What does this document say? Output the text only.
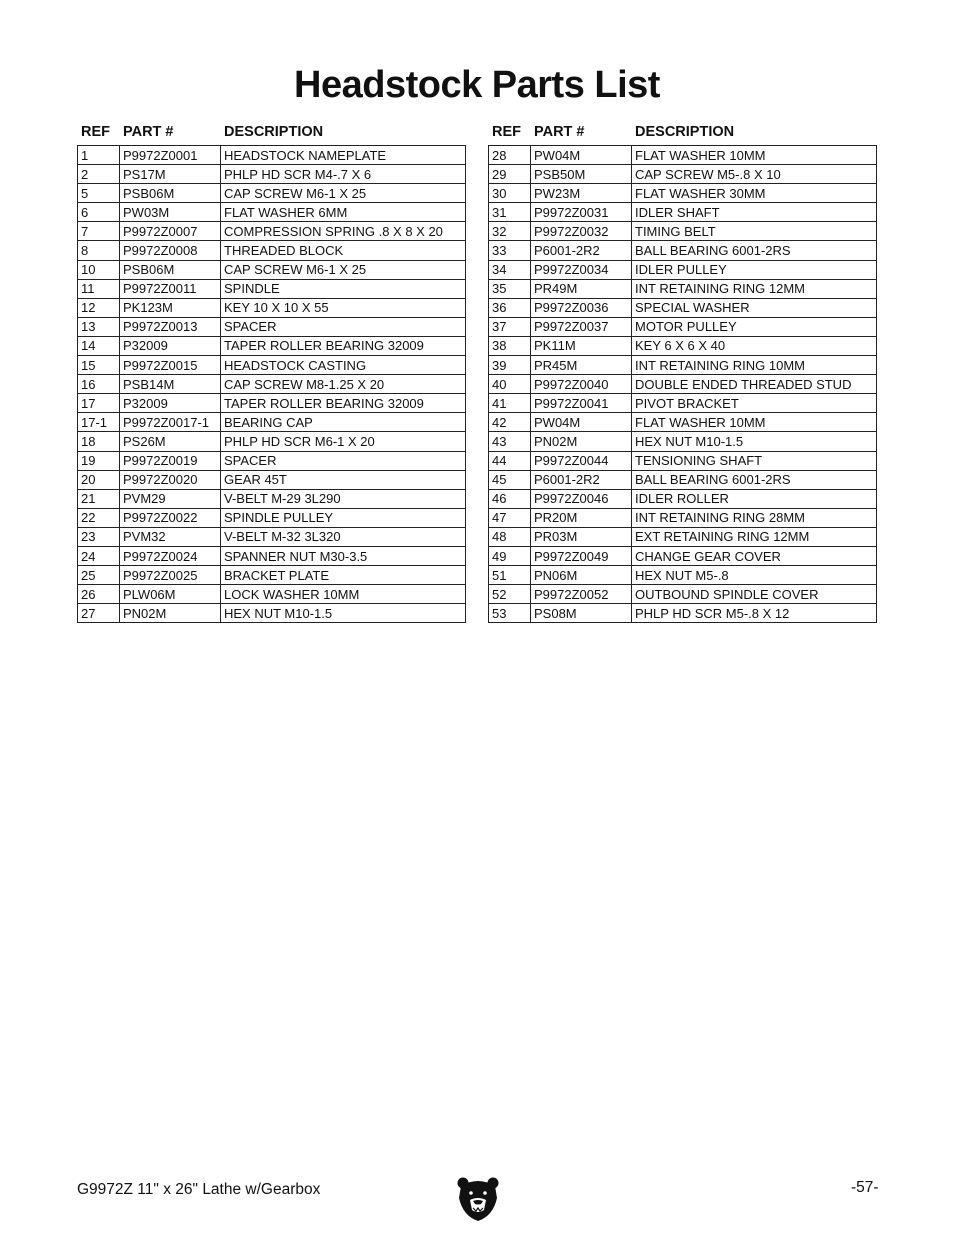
Headstock Parts List
REF PART #	DESCRIPTION
1	P9972Z0001	HEADSTOCK NAMEPLATE
2	PS17M	PHLP HD SCR M4-.7 X 6
5	PSB06M	CAP SCREW M6-1 X 25
6	PW03M	FLAT WASHER 6MM
7	P9972Z0007	COMPRESSION SPRING .8 X 8 X 20
8	P9972Z0008	THREADED BLOCK
10	PSB06M	CAP SCREW M6-1 X 25
11	P9972Z0011	SPINDLE
12	PK123M	KEY 10 X 10 X 55
13	P9972Z0013	SPACER
14	P32009	TAPER ROLLER BEARING 32009
15	P9972Z0015	HEADSTOCK CASTING
16	PSB14M	CAP SCREW M8-1.25 X 20
17	P32009	TAPER ROLLER BEARING 32009
17-1	P9972Z0017-1	BEARING CAP
18	PS26M	PHLP HD SCR M6-1 X 20
19	P9972Z0019	SPACER
20	P9972Z0020	GEAR 45T
21	PVM29	V-BELT M-29 3L290
22	P9972Z0022	SPINDLE PULLEY
23	PVM32	V-BELT M-32 3L320
24	P9972Z0024	SPANNER NUT M30-3.5
25	P9972Z0025	BRACKET PLATE
26	PLW06M	LOCK WASHER 10MM
27	PN02M	HEX NUT M10-1.5
REF PART #	DESCRIPTION
28	PW04M	FLAT WASHER 10MM
29	PSB50M	CAP SCREW M5-.8 X 10
30	PW23M	FLAT WASHER 30MM
31	P9972Z0031	IDLER SHAFT
32	P9972Z0032	TIMING BELT
33	P6001-2R2	BALL BEARING 6001-2RS
34	P9972Z0034	IDLER PULLEY
35	PR49M	INT RETAINING RING 12MM
36	P9972Z0036	SPECIAL WASHER
37	P9972Z0037	MOTOR PULLEY
38	PK11M	KEY 6 X 6 X 40
39	PR45M	INT RETAINING RING 10MM
40	P9972Z0040	DOUBLE ENDED THREADED STUD
41	P9972Z0041	PIVOT BRACKET
42	PW04M	FLAT WASHER 10MM
43	PN02M	HEX NUT M10-1.5
44	P9972Z0044	TENSIONING SHAFT
45	P6001-2R2	BALL BEARING 6001-2RS
46	P9972Z0046	IDLER ROLLER
47	PR20M	INT RETAINING RING 28MM
48	PR03M	EXT RETAINING RING 12MM
49	P9972Z0049	CHANGE GEAR COVER
51	PN06M	HEX NUT M5-.8
52	P9972Z0052	OUTBOUND SPINDLE COVER
53	PS08M	PHLP HD SCR M5-.8 X 12
G9972Z 11" x 26" Lathe w/Gearbox	-57-
